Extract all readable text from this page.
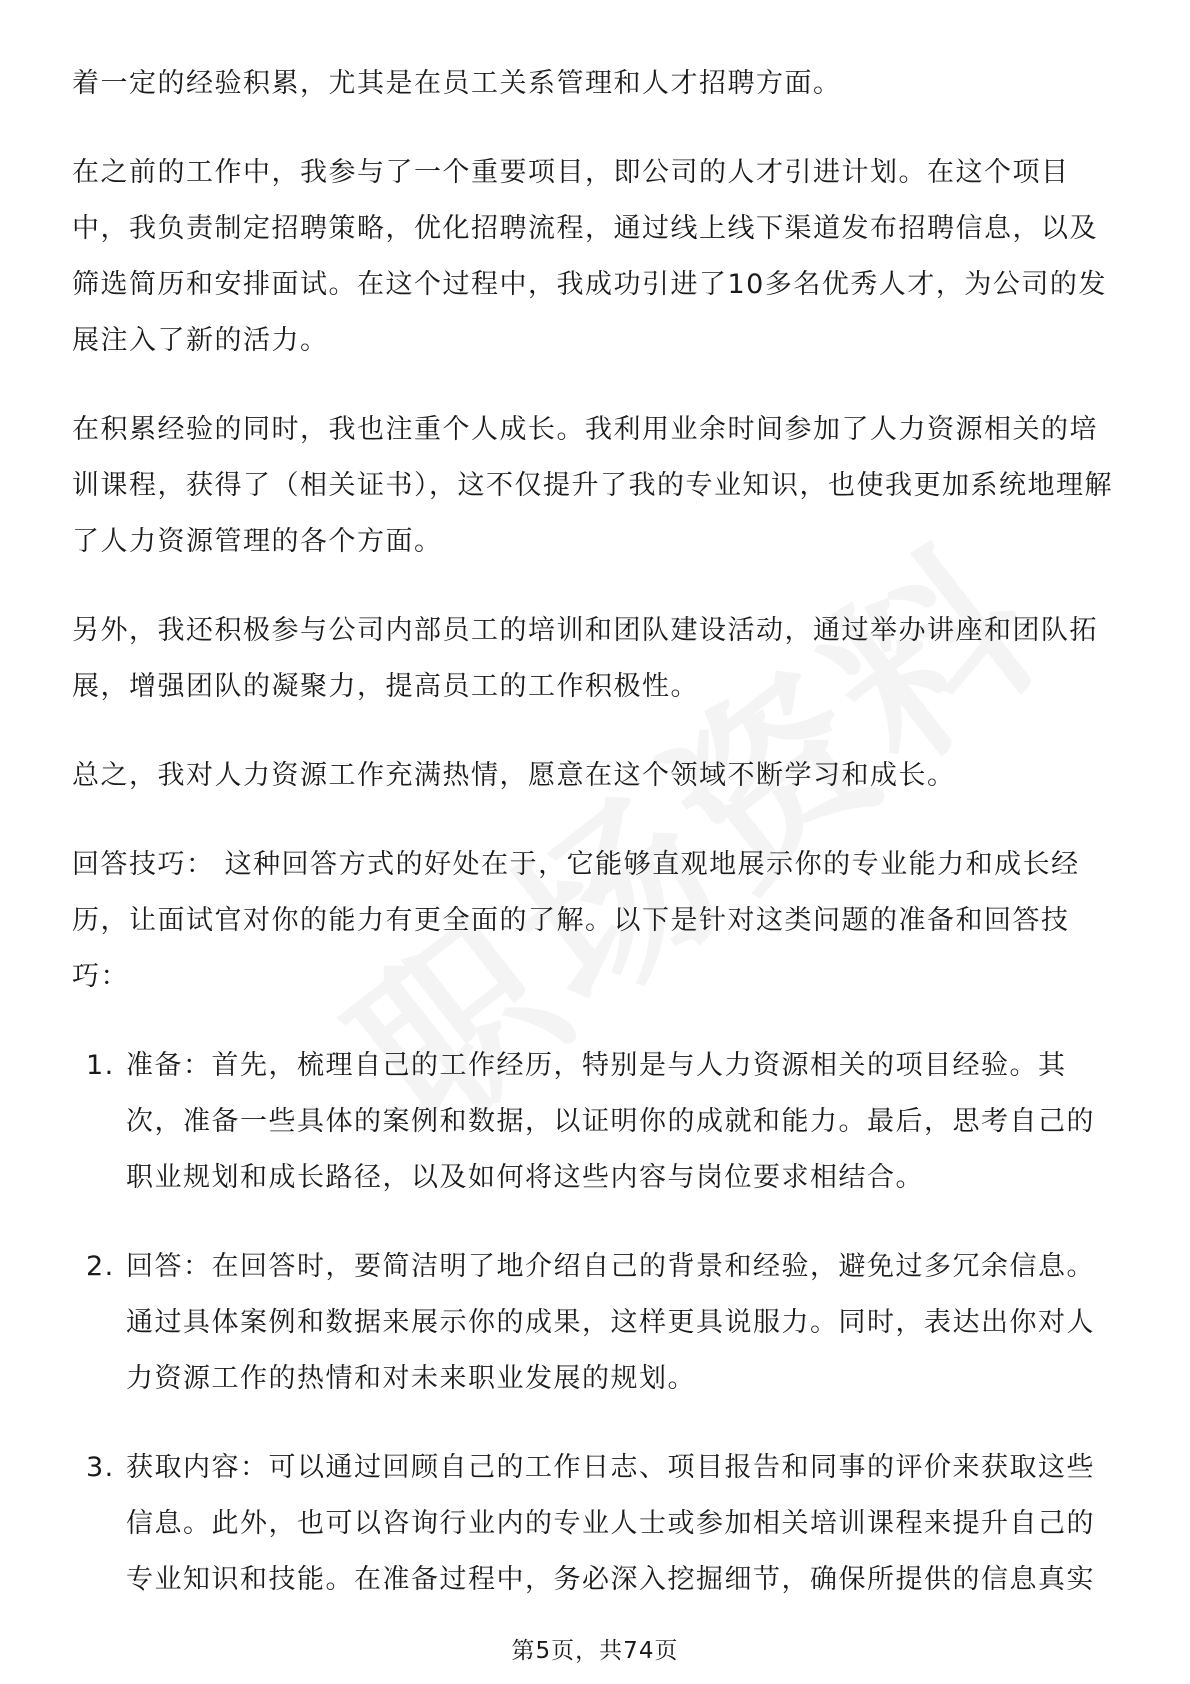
着一定的经验积累，尤其是在员工关系管理和人才招聘方面。

在之前的工作中，我参与了一个重要项目，即公司的人才引进计划。在这个项目中，我负责制定招聘策略，优化招聘流程，通过线上线下渠道发布招聘信息，以及筛选简历和安排面试。在这个过程中，我成功引进了10多名优秀人才，为公司的发展注入了新的活力。

在积累经验的同时，我也注重个人成长。我利用业余时间参加了人力资源相关的培训课程，获得了（相关证书），这不仅提升了我的专业知识，也使我更加系统地理解了人力资源管理的各个方面。

另外，我还积极参与公司内部员工的培训和团队建设活动，通过举办讲座和团队拓展，增强团队的凝聚力，提高员工的工作积极性。

总之，我对人力资源工作充满热情，愿意在这个领域不断学习和成长。

回答技巧： 这种回答方式的好处在于，它能够直观地展示你的专业能力和成长经历，让面试官对你的能力有更全面的了解。以下是针对这类问题的准备和回答技巧：

1. 准备：首先，梳理自己的工作经历，特别是与人力资源相关的项目经验。其次，准备一些具体的案例和数据，以证明你的成就和能力。最后，思考自己的职业规划和成长路径，以及如何将这些内容与岗位要求相结合。
2. 回答：在回答时，要简洁明了地介绍自己的背景和经验，避免过多冗余信息。通过具体案例和数据来展示你的成果，这样更具说服力。同时，表达出你对人力资源工作的热情和对未来职业发展的规划。
3. 获取内容：可以通过回顾自己的工作日志、项目报告和同事的评价来获取这些信息。此外，也可以咨询行业内的专业人士或参加相关培训课程来提升自己的专业知识和技能。在准备过程中，务必深入挖掘细节，确保所提供的信息真实
第5页，共74页
